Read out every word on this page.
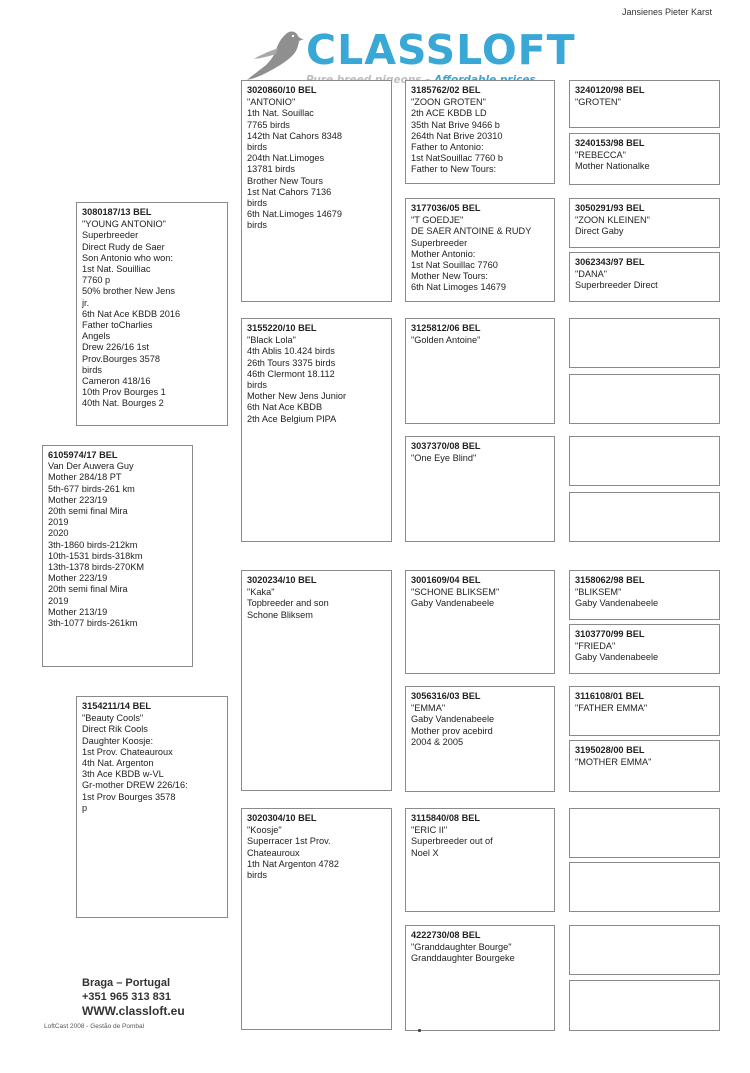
Jansienes Pieter Karst
CLASSLOFT
pigeons
6105974/17 BEL
Van Der Auwera Guy
Mother 284/18 PT
5th-677 birds-261 km
Mother 223/19
20th semi final Mira
2019
2020
3th-1860 birds-212km
10th-1531 birds-318km
13th-1378 birds-270KM
Mother 223/19
20th semi final Mira
2019
Mother 213/19
3th-1077 birds-261km
3080187/13 BEL
"YOUNG ANTONIO"
Superbreeder
Direct Rudy de Saer
Son Antonio who won:
1st Nat. Souilliac
7760 p
50% brother New Jens
jr.
6th Nat Ace KBDB 2016
Father toCharlies
Angels
Drew 226/16 1st
Prov.Bourges 3578
birds
Cameron 418/16
10th Prov Bourges 1
40th Nat. Bourges 2
3154211/14 BEL
"Beauty Cools"
Direct Rik Cools
Daughter Koosje:
1st Prov. Chateauroux
4th Nat. Argenton
3th Ace KBDB w-VL
Gr-mother DREW 226/16:
1st Prov Bourges 3578
p
3020860/10 BEL
"ANTONIO"
1th Nat. Souillac
7765 birds
142th Nat Cahors 8348
birds
204th Nat.Limoges
13781 birds
Brother New Tours
1st Nat Cahors 7136
birds
6th Nat.Limoges 14679
birds
3155220/10 BEL
"Black Lola"
4th Ablis 10.424 birds
26th Tours 3375 birds
46th Clermont 18.112
birds
Mother New Jens Junior
6th Nat Ace KBDB
2th Ace Belgium PIPA
3020234/10 BEL
"Kaka"
Topbreeder and son
Schone Bliksem
3020304/10 BEL
"Koosje"
Superracer 1st Prov.
Chateauroux
1th Nat Argenton 4782
birds
3185762/02 BEL
"ZOON GROTEN"
2th ACE KBDB LD
35th Nat Brive 9466 b
264th Nat Brive 20310
Father to Antonio:
1st NatSouillac 7760 b
Father to New Tours:
3177036/05 BEL
"T GOEDJE"
DE SAER ANTOINE & RUDY
Superbreeder
Mother Antonio:
1st Nat Souillac 7760
Mother New Tours:
6th Nat Limoges 14679
3125812/06 BEL
"Golden Antoine"
3037370/08 BEL
"One Eye Blind"
3001609/04 BEL
"SCHONE BLIKSEM"
Gaby Vandenabeele
3056316/03 BEL
"EMMA"
Gaby Vandenabeele
Mother prov acebird
2004 & 2005
3115840/08 BEL
"ERIC II"
Superbreeder out of
Noel X
4222730/08 BEL
"Granddaughter Bourge"
Granddaughter Bourgeke
3240120/98 BEL
"GROTEN"
3240153/98 BEL
"REBECCA"
Mother Nationalke
3050291/93 BEL
"ZOON KLEINEN"
Direct Gaby
3062343/97 BEL
"DANA"
Superbreeder Direct
3158062/98 BEL
"BLIKSEM"
Gaby Vandenabeele
3103770/99 BEL
"FRIEDA"
Gaby Vandenabeele
3116108/01 BEL
"FATHER EMMA"
3195028/00 BEL
"MOTHER EMMA"
Braga – Portugal
+351 965 313 831
WWW.classloft.eu
LoftCast 2008 - Gestão de Pombal
